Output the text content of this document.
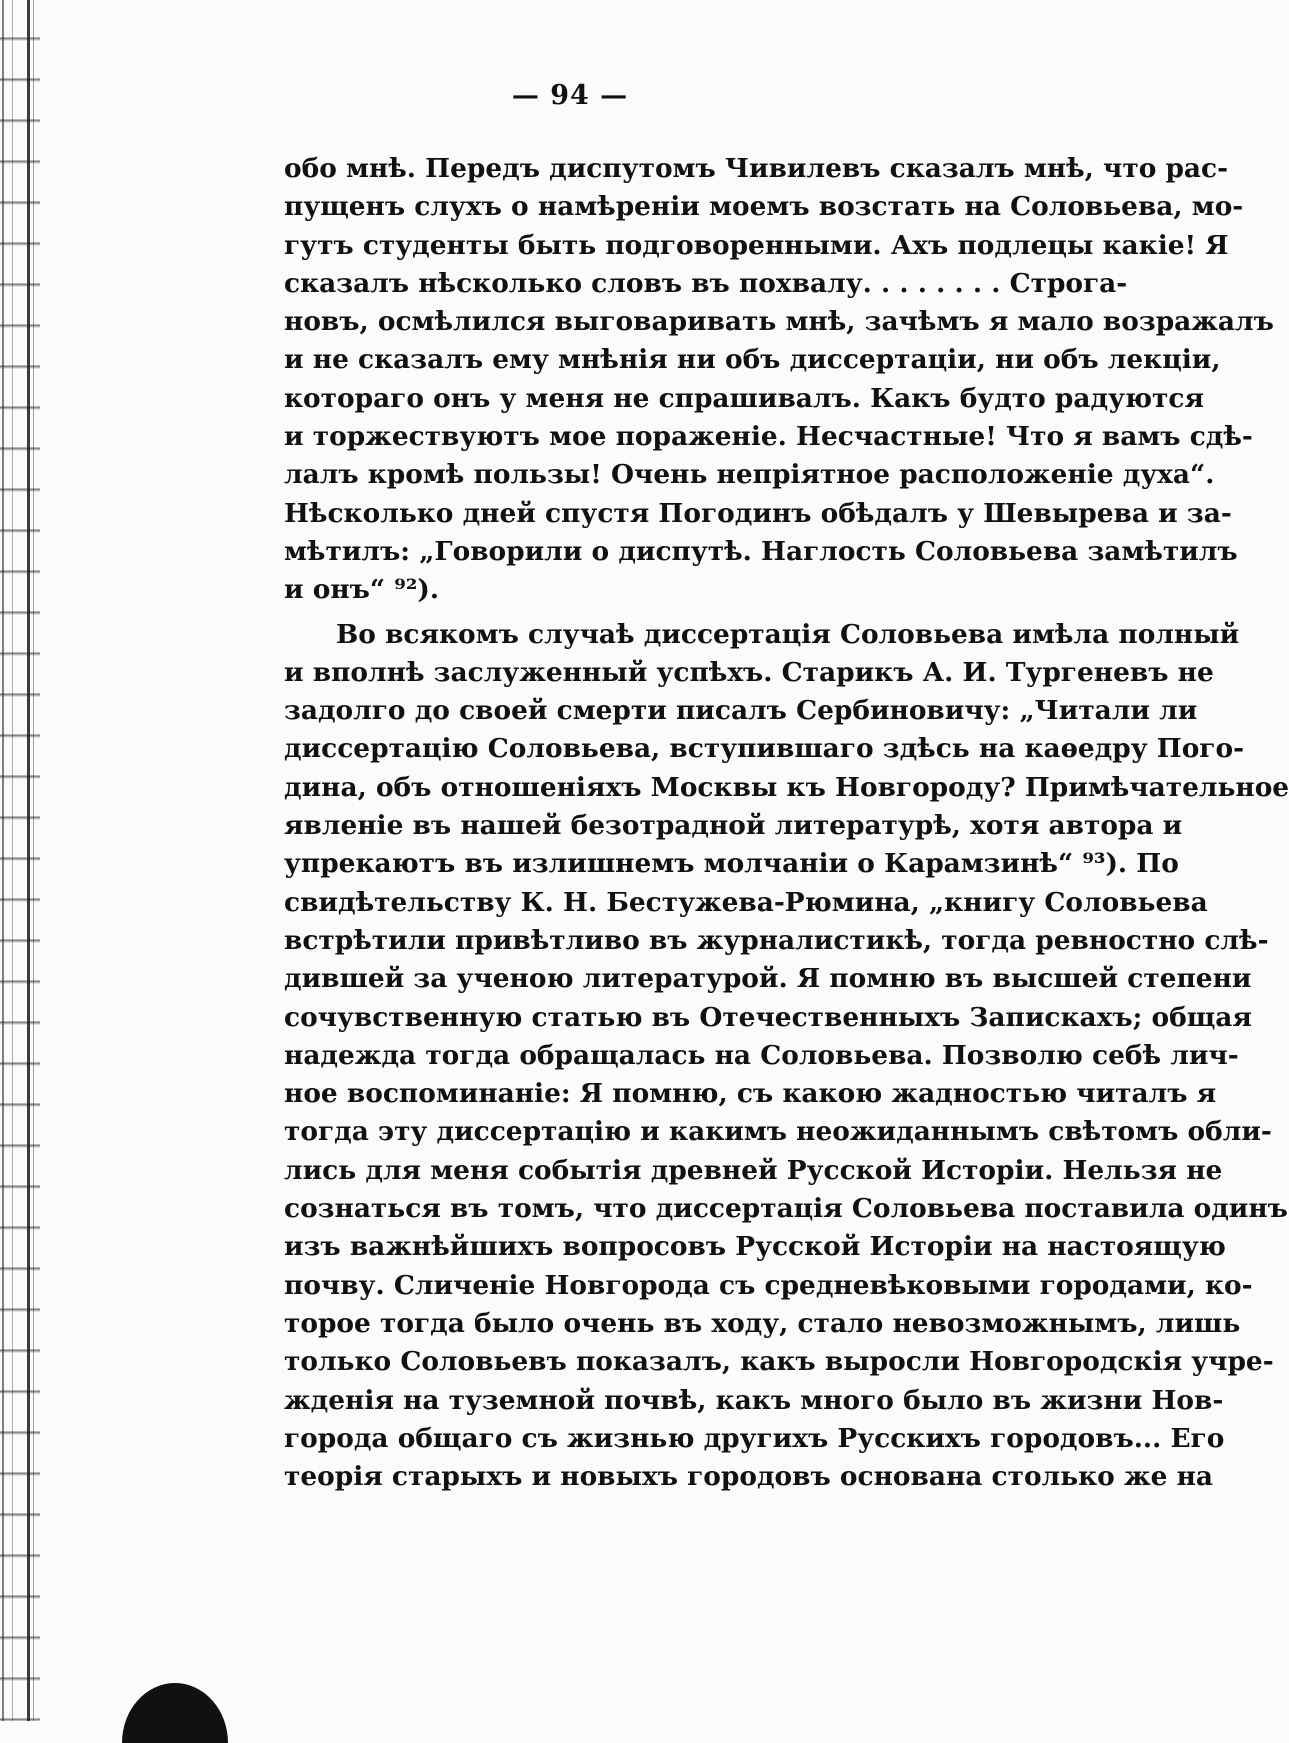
— 94 —
обо мнѣ. Передъ диспутомъ Чивилевъ сказалъ мнѣ, что рас-
пущенъ слухъ о намѣреніи моемъ возстать на Соловьева, мо-
гутъ студенты быть подговоренными. Ахъ подлецы какіе! Я
сказалъ нѣсколько словъ въ похвалу. . . . . . . . Строга-
новъ, осмѣлился выговаривать мнѣ, зачѣмъ я мало возражалъ
и не сказалъ ему мнѣнія ни объ диссертаціи, ни объ лекціи,
котораго онъ у меня не спрашивалъ. Какъ будто радуются
и торжествуютъ мое пораженіе. Несчастные! Что я вамъ сдѣ-
лалъ кромѣ пользы! Очень непріятное расположеніе духа“.
Нѣсколько дней спустя Погодинъ обѣдалъ у Шевырева и за-
мѣтилъ: „Говорили о диспутѣ. Наглость Соловьева замѣтилъ
и онъ“ ⁹²).
Во всякомъ случаѣ диссертація Соловьева имѣла полный
и вполнѣ заслуженный успѣхъ. Старикъ А. И. Тургеневъ не
задолго до своей смерти писалъ Сербиновичу: „Читали ли
диссертацію Соловьева, вступившаго здѣсь на каѳедру Пого-
дина, объ отношеніяхъ Москвы къ Новгороду? Примѣчательное
явленіе въ нашей безотрадной литературѣ, хотя автора и
упрекаютъ въ излишнемъ молчаніи о Карамзинѣ“ ⁹³). По
свидѣтельству К. Н. Бестужева-Рюмина, „книгу Соловьева
встрѣтили привѣтливо въ журналистикѣ, тогда ревностно слѣ-
дившей за ученою литературой. Я помню въ высшей степени
сочувственную статью въ Отечественныхъ Запискахъ; общая
надежда тогда обращалась на Соловьева. Позволю себѣ лич-
ное воспоминаніе: Я помню, съ какою жадностью читалъ я
тогда эту диссертацію и какимъ неожиданнымъ свѣтомъ обли-
лись для меня событія древней Русской Исторіи. Нельзя не
сознаться въ томъ, что диссертація Соловьева поставила одинъ
изъ важнѣйшихъ вопросовъ Русской Исторіи на настоящую
почву. Сличеніе Новгорода съ средневѣковыми городами, ко-
торое тогда было очень въ ходу, стало невозможнымъ, лишь
только Соловьевъ показалъ, какъ выросли Новгородскія учре-
жденія на туземной почвѣ, какъ много было въ жизни Нов-
города общаго съ жизнью другихъ Русскихъ городовъ... Его
теорія старыхъ и новыхъ городовъ основана столько же на
